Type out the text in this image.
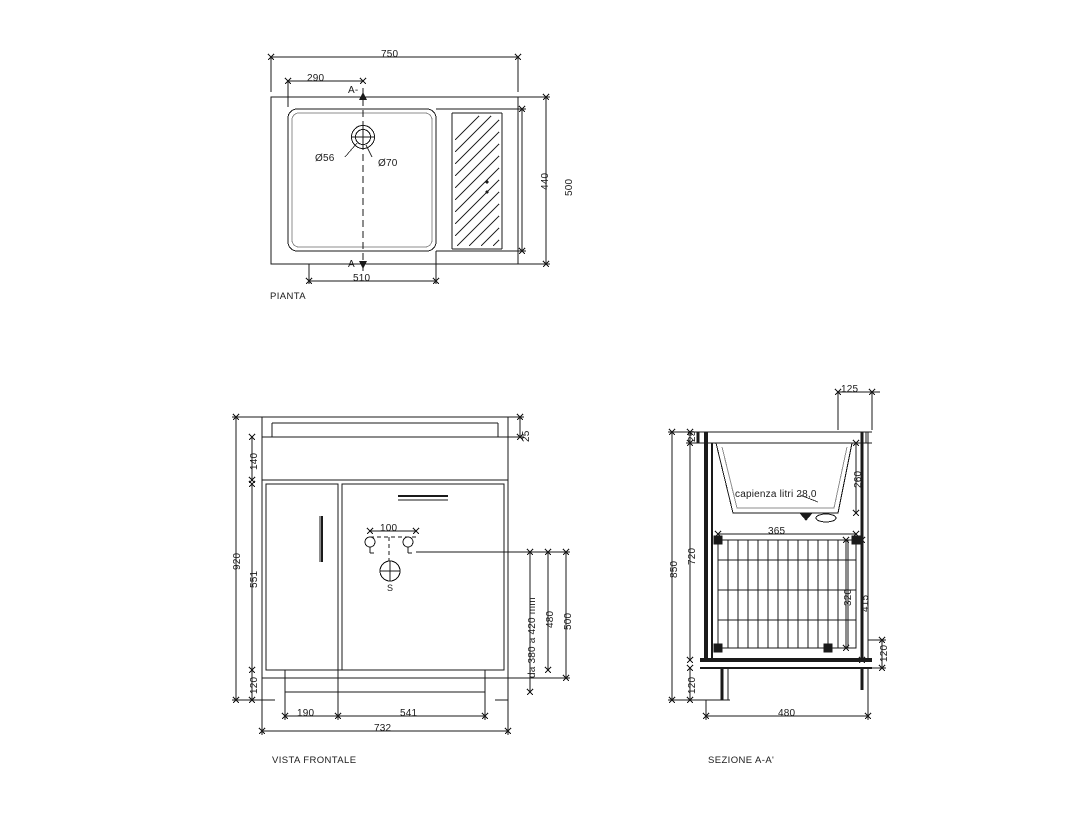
750
290
510
440 500
Ø56	Ø70
A-
A-
PIANTA
920
140
551
120
25
500
480
da 380 a 420 mm
100
S
190	541
732
VISTA FRONTALE
125
25
260
720
850
120
365
320 415
120
480
capienza litri 28,0
SEZIONE A-A'
